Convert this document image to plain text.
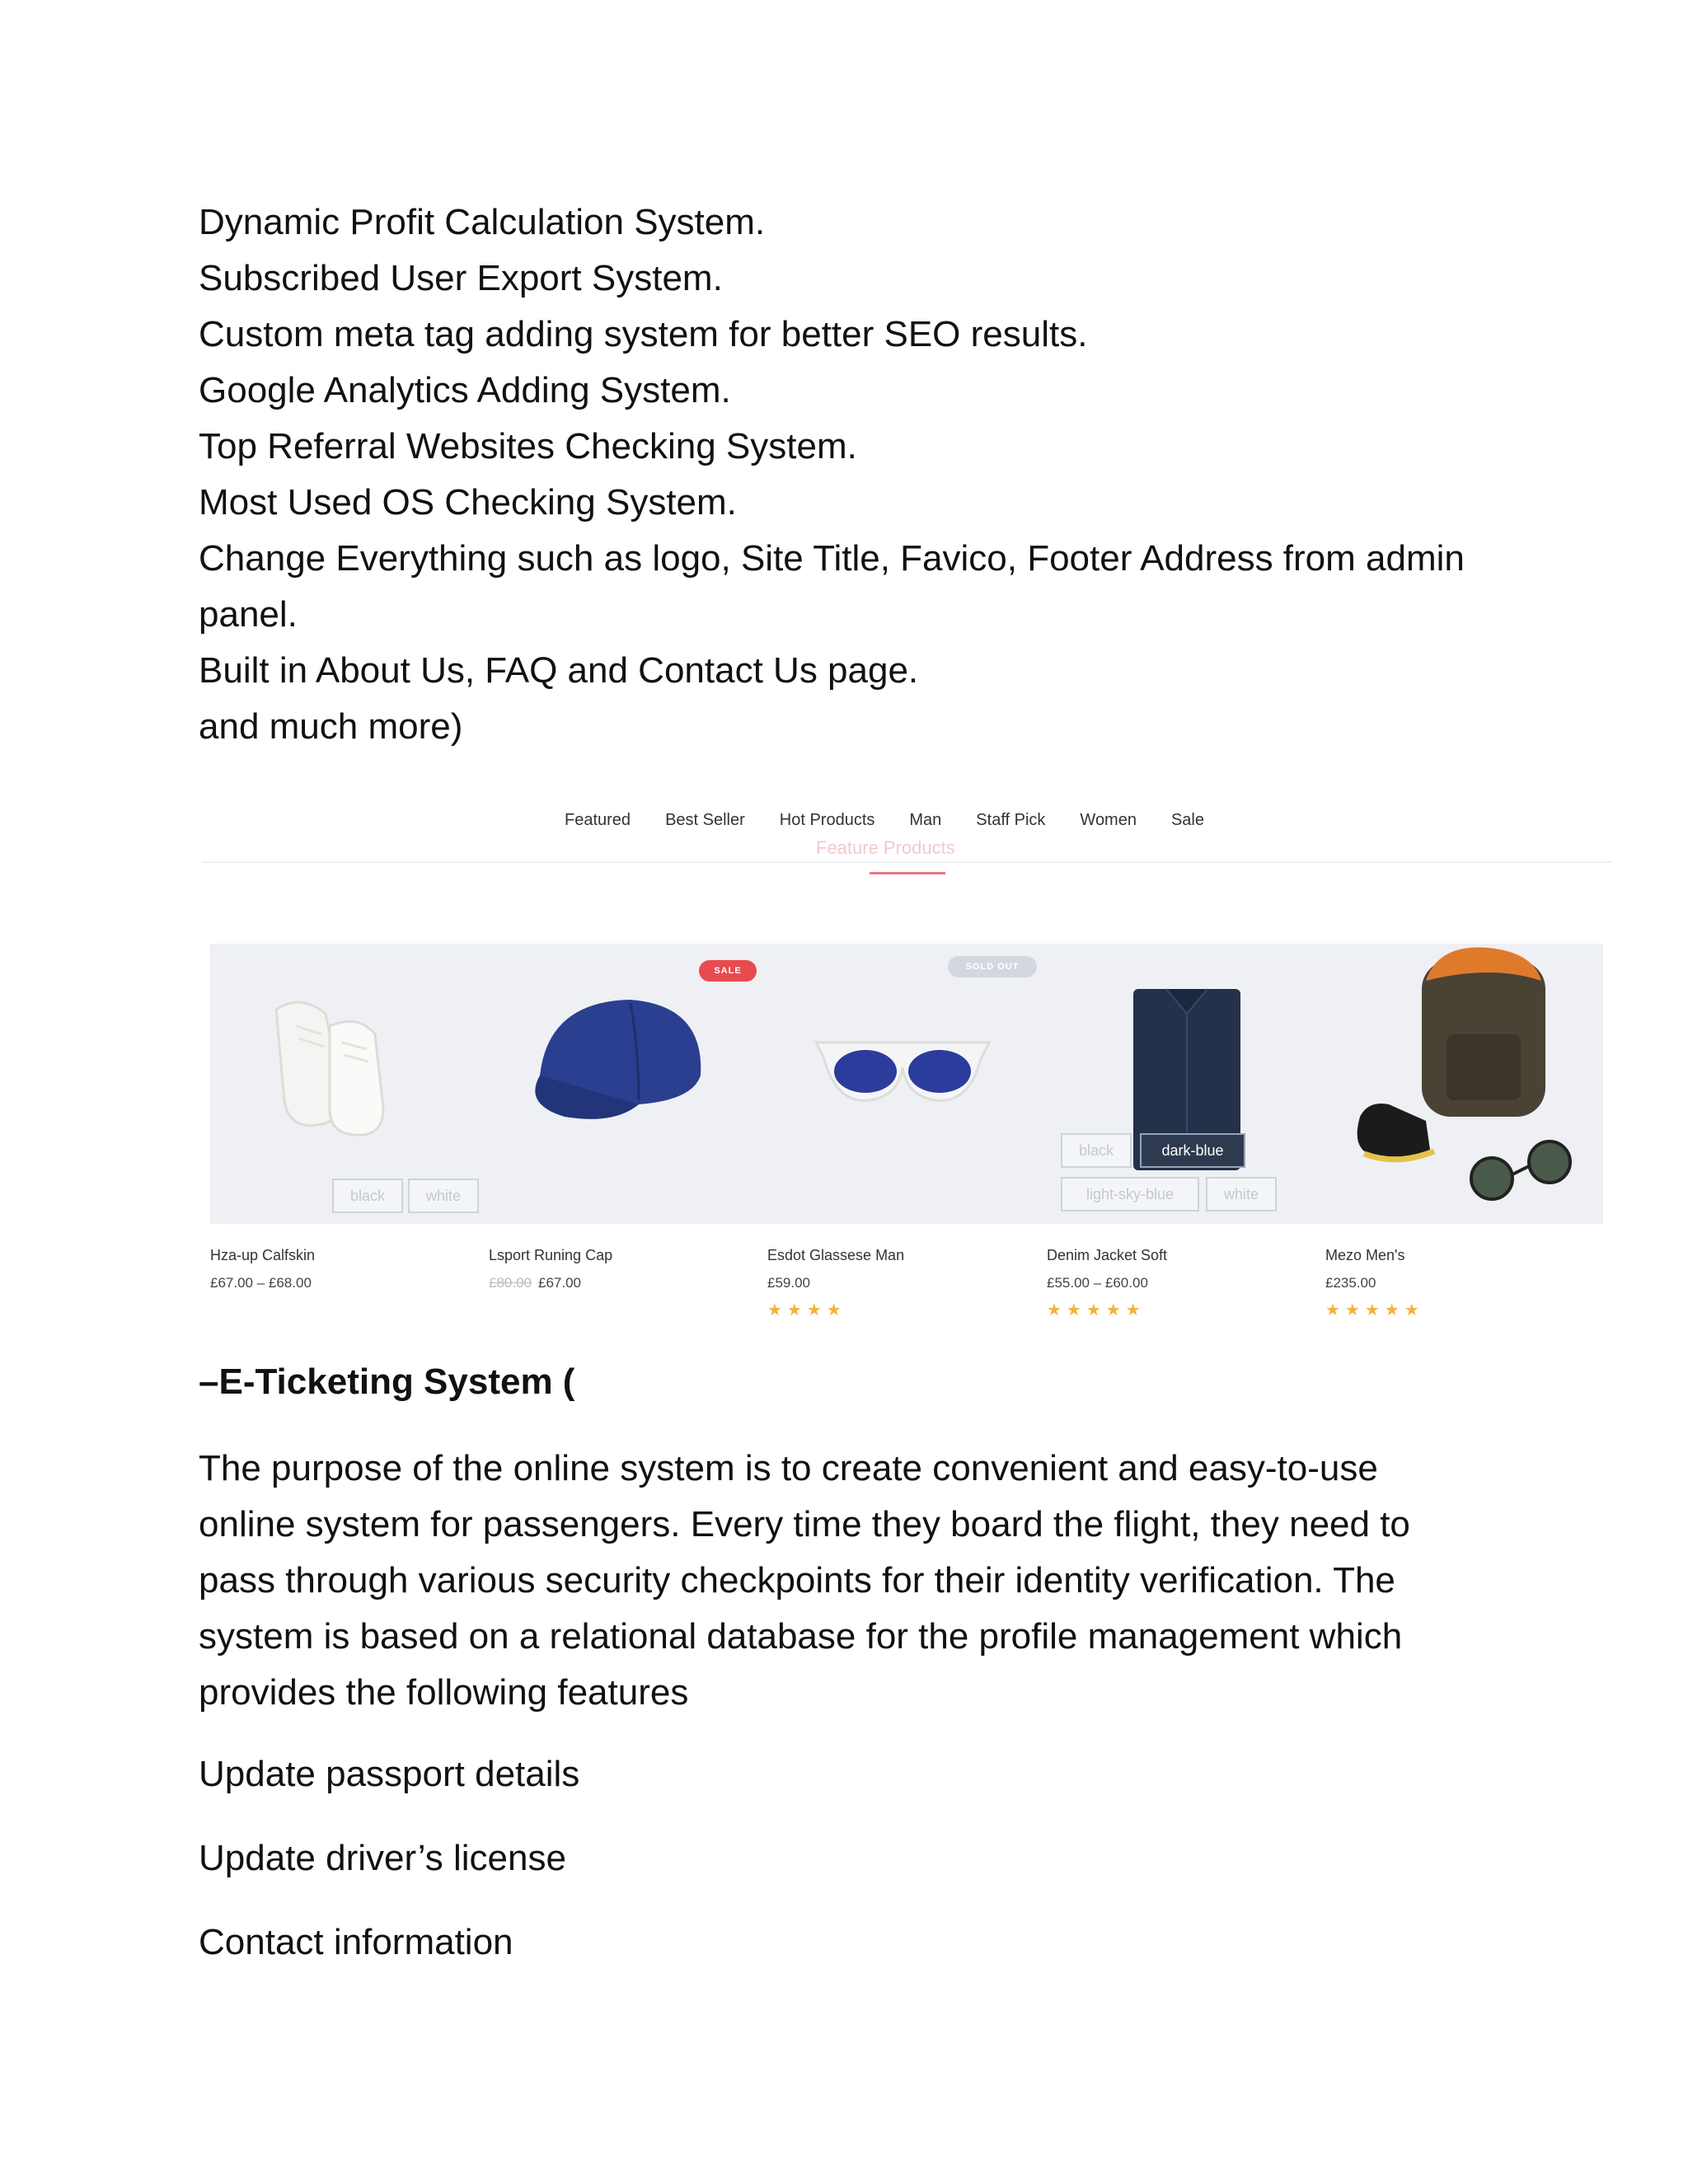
Dynamic Profit Calculation System.
Subscribed User Export System.
Custom meta tag adding system for better SEO results.
Google Analytics Adding System.
Top Referral Websites Checking System.
Most Used OS Checking System.
Change Everything such as logo, Site Title, Favico, Footer Address from admin
panel.
Built in About Us, FAQ and Contact Us page.
and much more)
Featured Best Seller Hot Products Man Staff Pick Women Sale
Feature Products
SALE	SOLD OUT
black	white
black	dark-blue
light-sky-blue	white
Hza-up Calfskin
£67.00 – £68.00
Lsport Runing Cap
£80.00 £67.00
Esdot Glassese Man
£59.00
★★★★
Denim Jacket Soft
£55.00 – £60.00
★★★★★
Mezo Men's
£235.00
★★★★★
–E-Ticketing System (
The purpose of the online system is to create convenient and easy-to-use
online system for passengers. Every time they board the flight, they need to
pass through various security checkpoints for their identity verification. The
system is based on a relational database for the profile management which
provides the following features
Update passport details
Update driver’s license
Contact information
